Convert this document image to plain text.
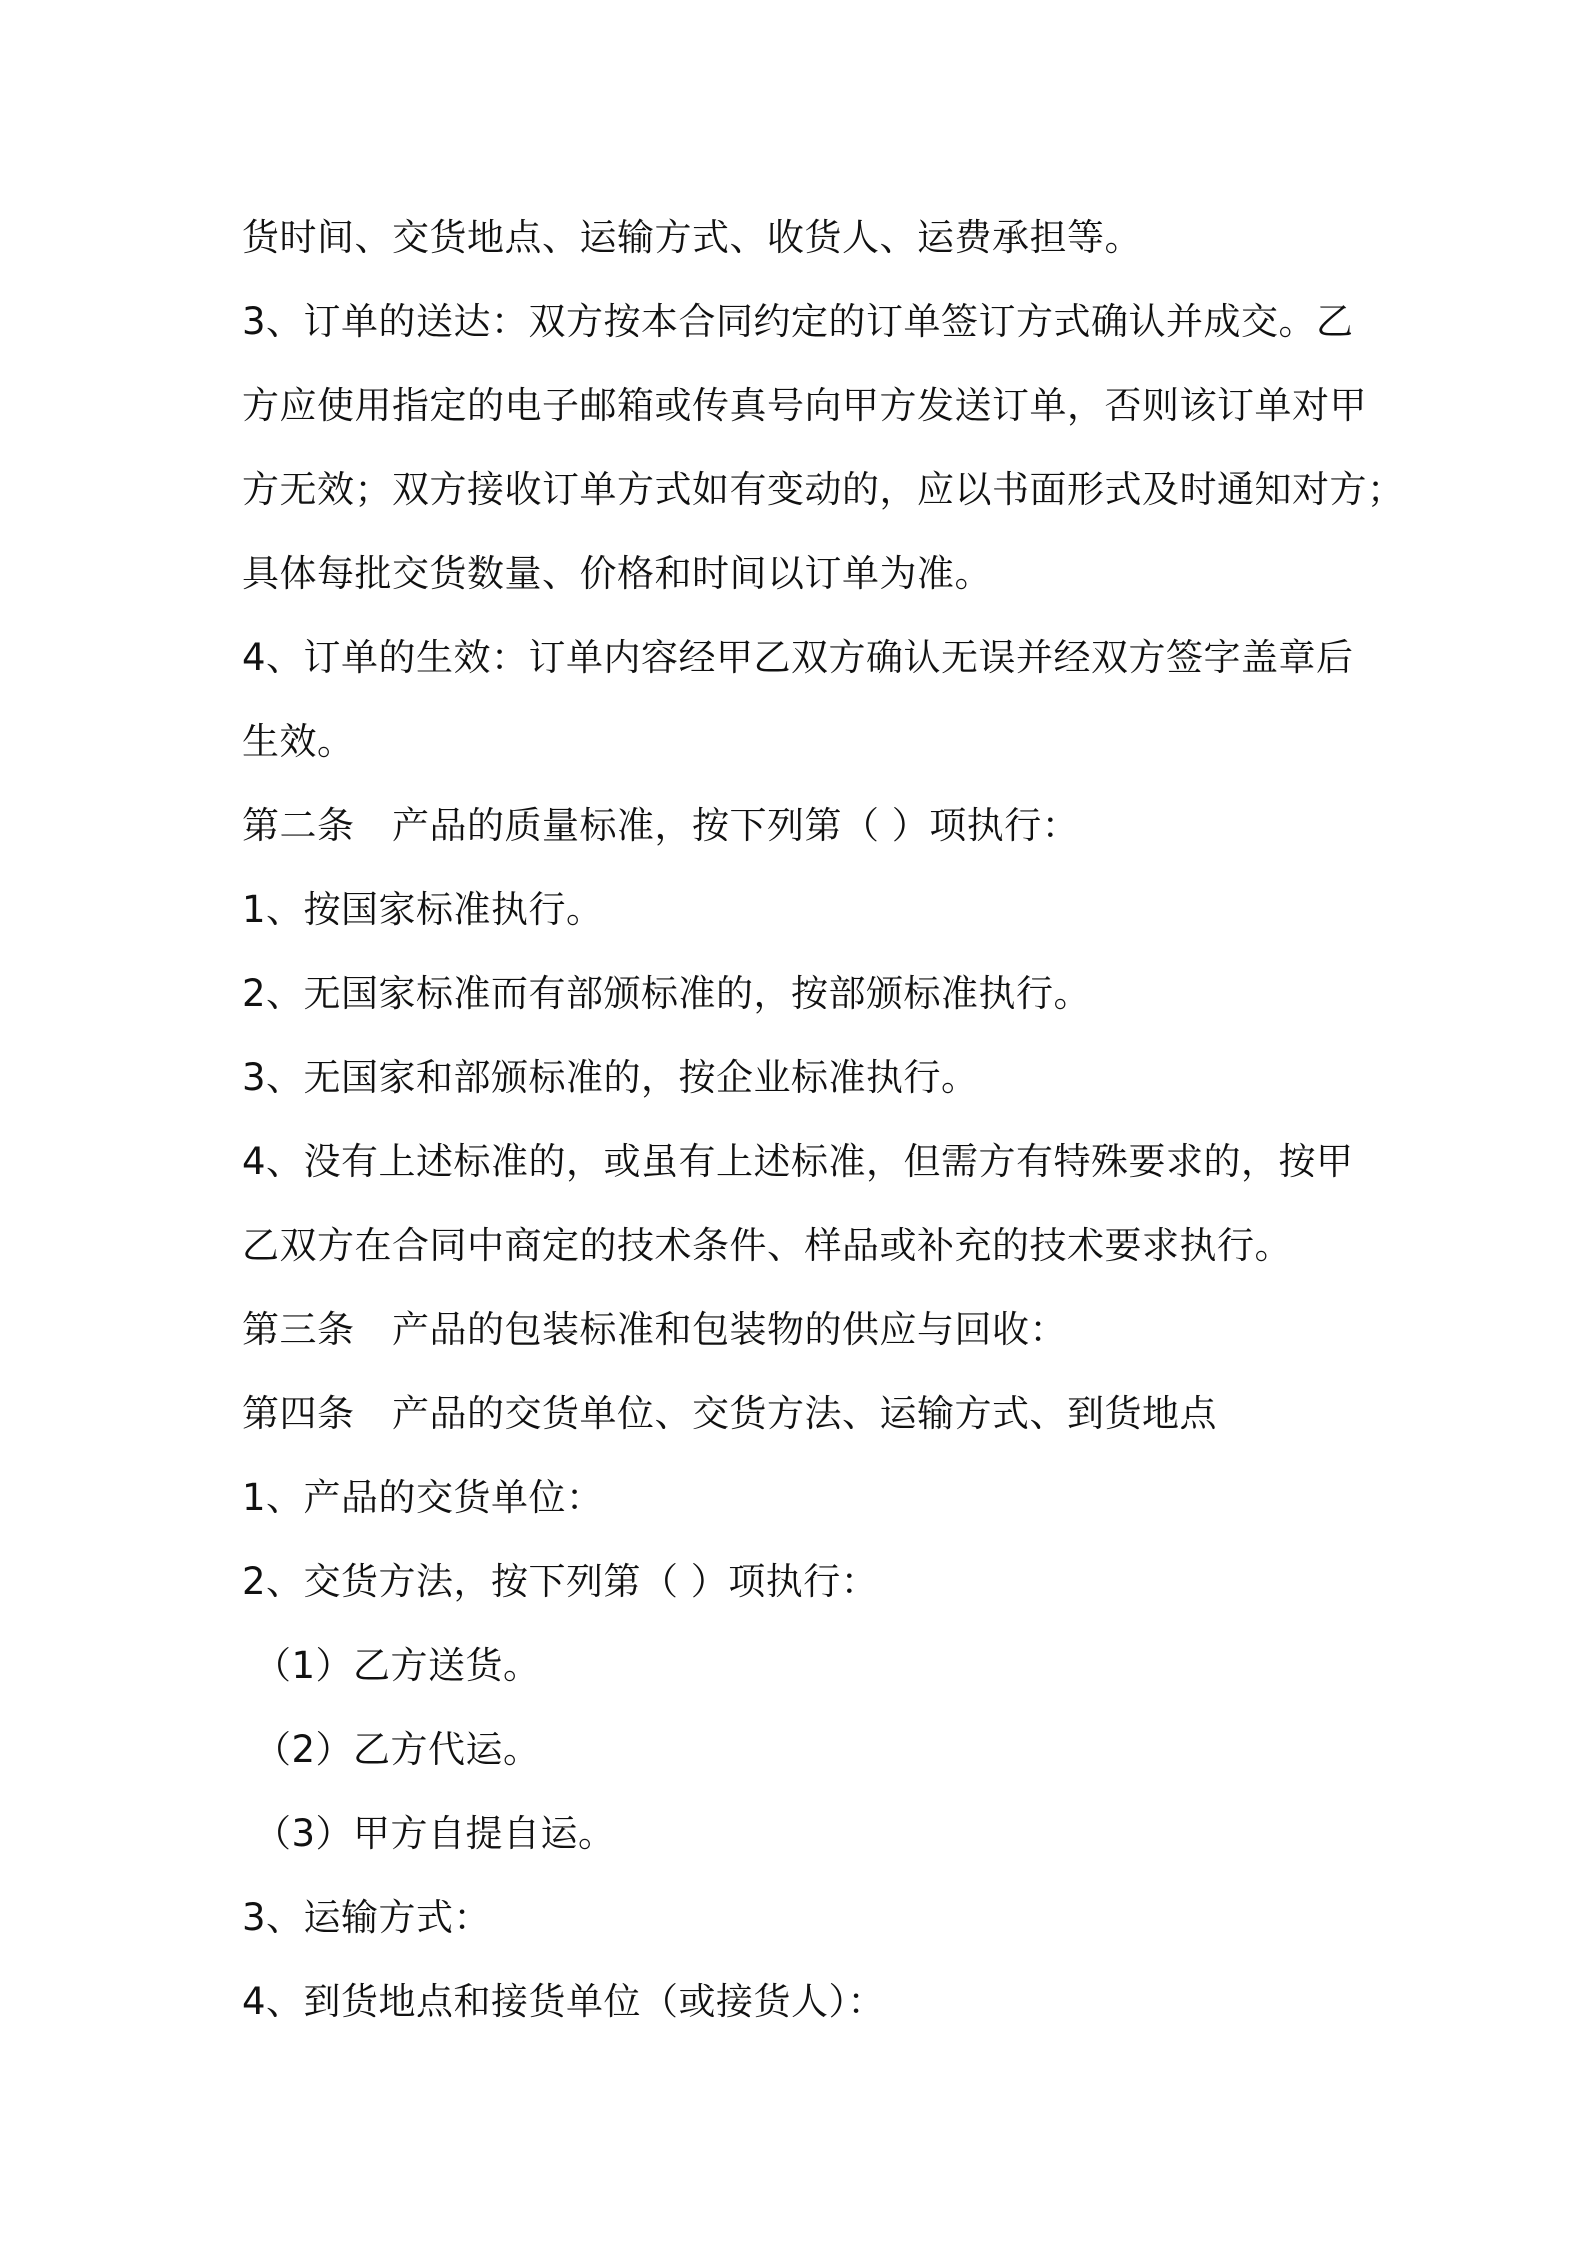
货时间、交货地点、运输方式、收货人、运费承担等。
3、订单的送达：双方按本合同约定的订单签订方式确认并成交。乙
方应使用指定的电子邮箱或传真号向甲方发送订单，否则该订单对甲
方无效；双方接收订单方式如有变动的，应以书面形式及时通知对方；
具体每批交货数量、价格和时间以订单为准。
4、订单的生效：订单内容经甲乙双方确认无误并经双方签字盖章后
生效。
第二条　产品的质量标准，按下列第（ ）项执行：
1、按国家标准执行。
2、无国家标准而有部颁标准的，按部颁标准执行。
3、无国家和部颁标准的，按企业标准执行。
4、没有上述标准的，或虽有上述标准，但需方有特殊要求的，按甲
乙双方在合同中商定的技术条件、样品或补充的技术要求执行。
第三条　产品的包装标准和包装物的供应与回收：
第四条　产品的交货单位、交货方法、运输方式、到货地点
1、产品的交货单位：
2、交货方法，按下列第（ ）项执行：
（1）乙方送货。
（2）乙方代运。
（3）甲方自提自运。
3、运输方式：
4、到货地点和接货单位（或接货人）：
